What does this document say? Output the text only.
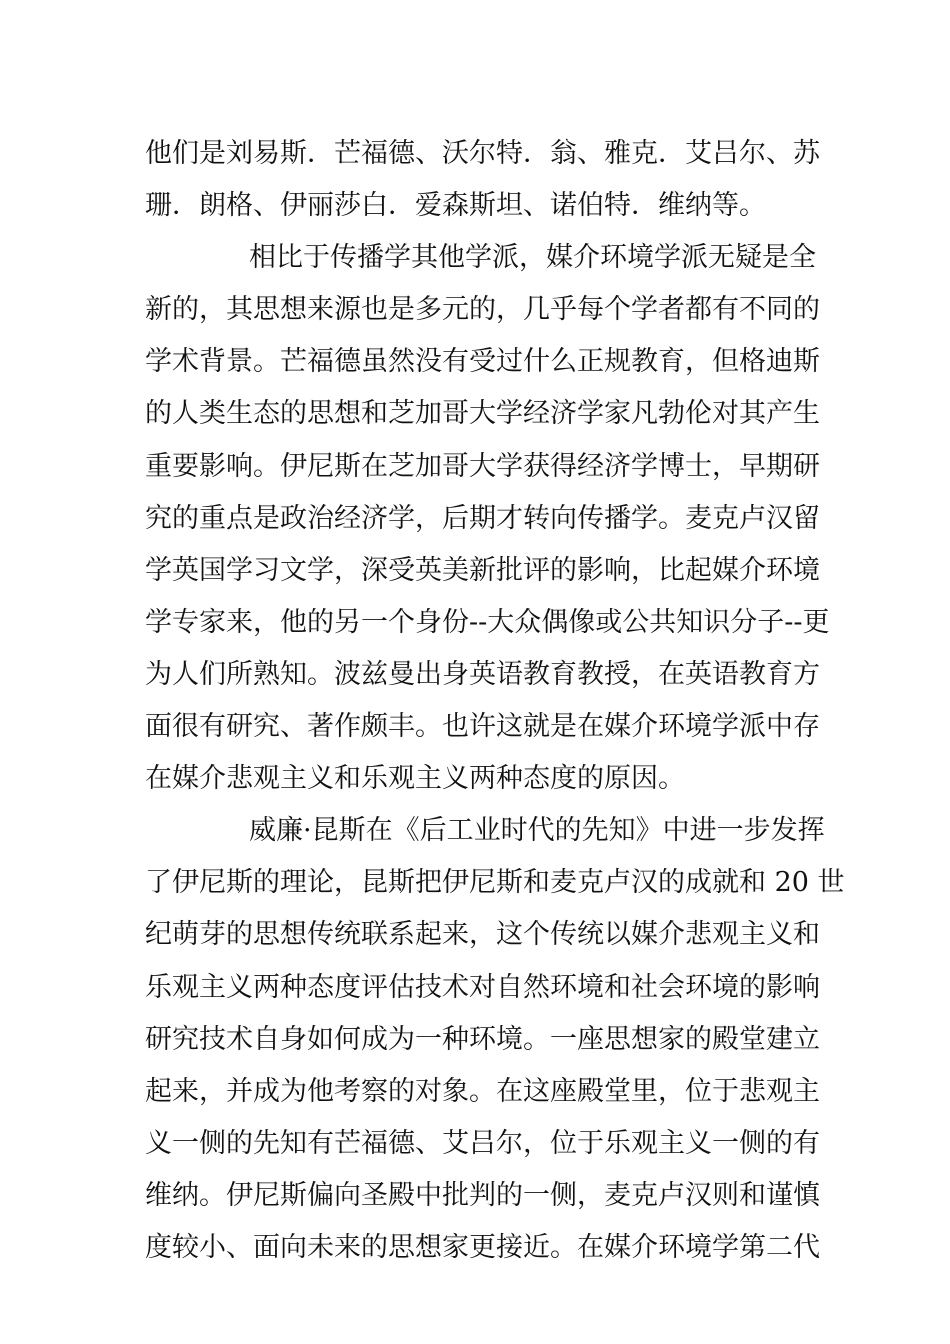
他们是刘易斯．芒福德、沃尔特．翁、雅克．艾吕尔、苏
珊．朗格、伊丽莎白．爱森斯坦、诺伯特．维纳等。
相比于传播学其他学派，媒介环境学派无疑是全
新的，其思想来源也是多元的，几乎每个学者都有不同的
学术背景。芒福德虽然没有受过什么正规教育，但格迪斯
的人类生态的思想和芝加哥大学经济学家凡勃伦对其产生
重要影响。伊尼斯在芝加哥大学获得经济学博士，早期研
究的重点是政治经济学，后期才转向传播学。麦克卢汉留
学英国学习文学，深受英美新批评的影响，比起媒介环境
学专家来，他的另一个身份--大众偶像或公共知识分子--更
为人们所熟知。波兹曼出身英语教育教授，在英语教育方
面很有研究、著作颇丰。也许这就是在媒介环境学派中存
在媒介悲观主义和乐观主义两种态度的原因。
威廉·昆斯在《后工业时代的先知》中进一步发挥
了伊尼斯的理论，昆斯把伊尼斯和麦克卢汉的成就和 20 世
纪萌芽的思想传统联系起来，这个传统以媒介悲观主义和
乐观主义两种态度评估技术对自然环境和社会环境的影响
研究技术自身如何成为一种环境。一座思想家的殿堂建立
起来，并成为他考察的对象。在这座殿堂里，位于悲观主
义一侧的先知有芒福德、艾吕尔，位于乐观主义一侧的有
维纳。伊尼斯偏向圣殿中批判的一侧，麦克卢汉则和谨慎
度较小、面向未来的思想家更接近。在媒介环境学第二代
